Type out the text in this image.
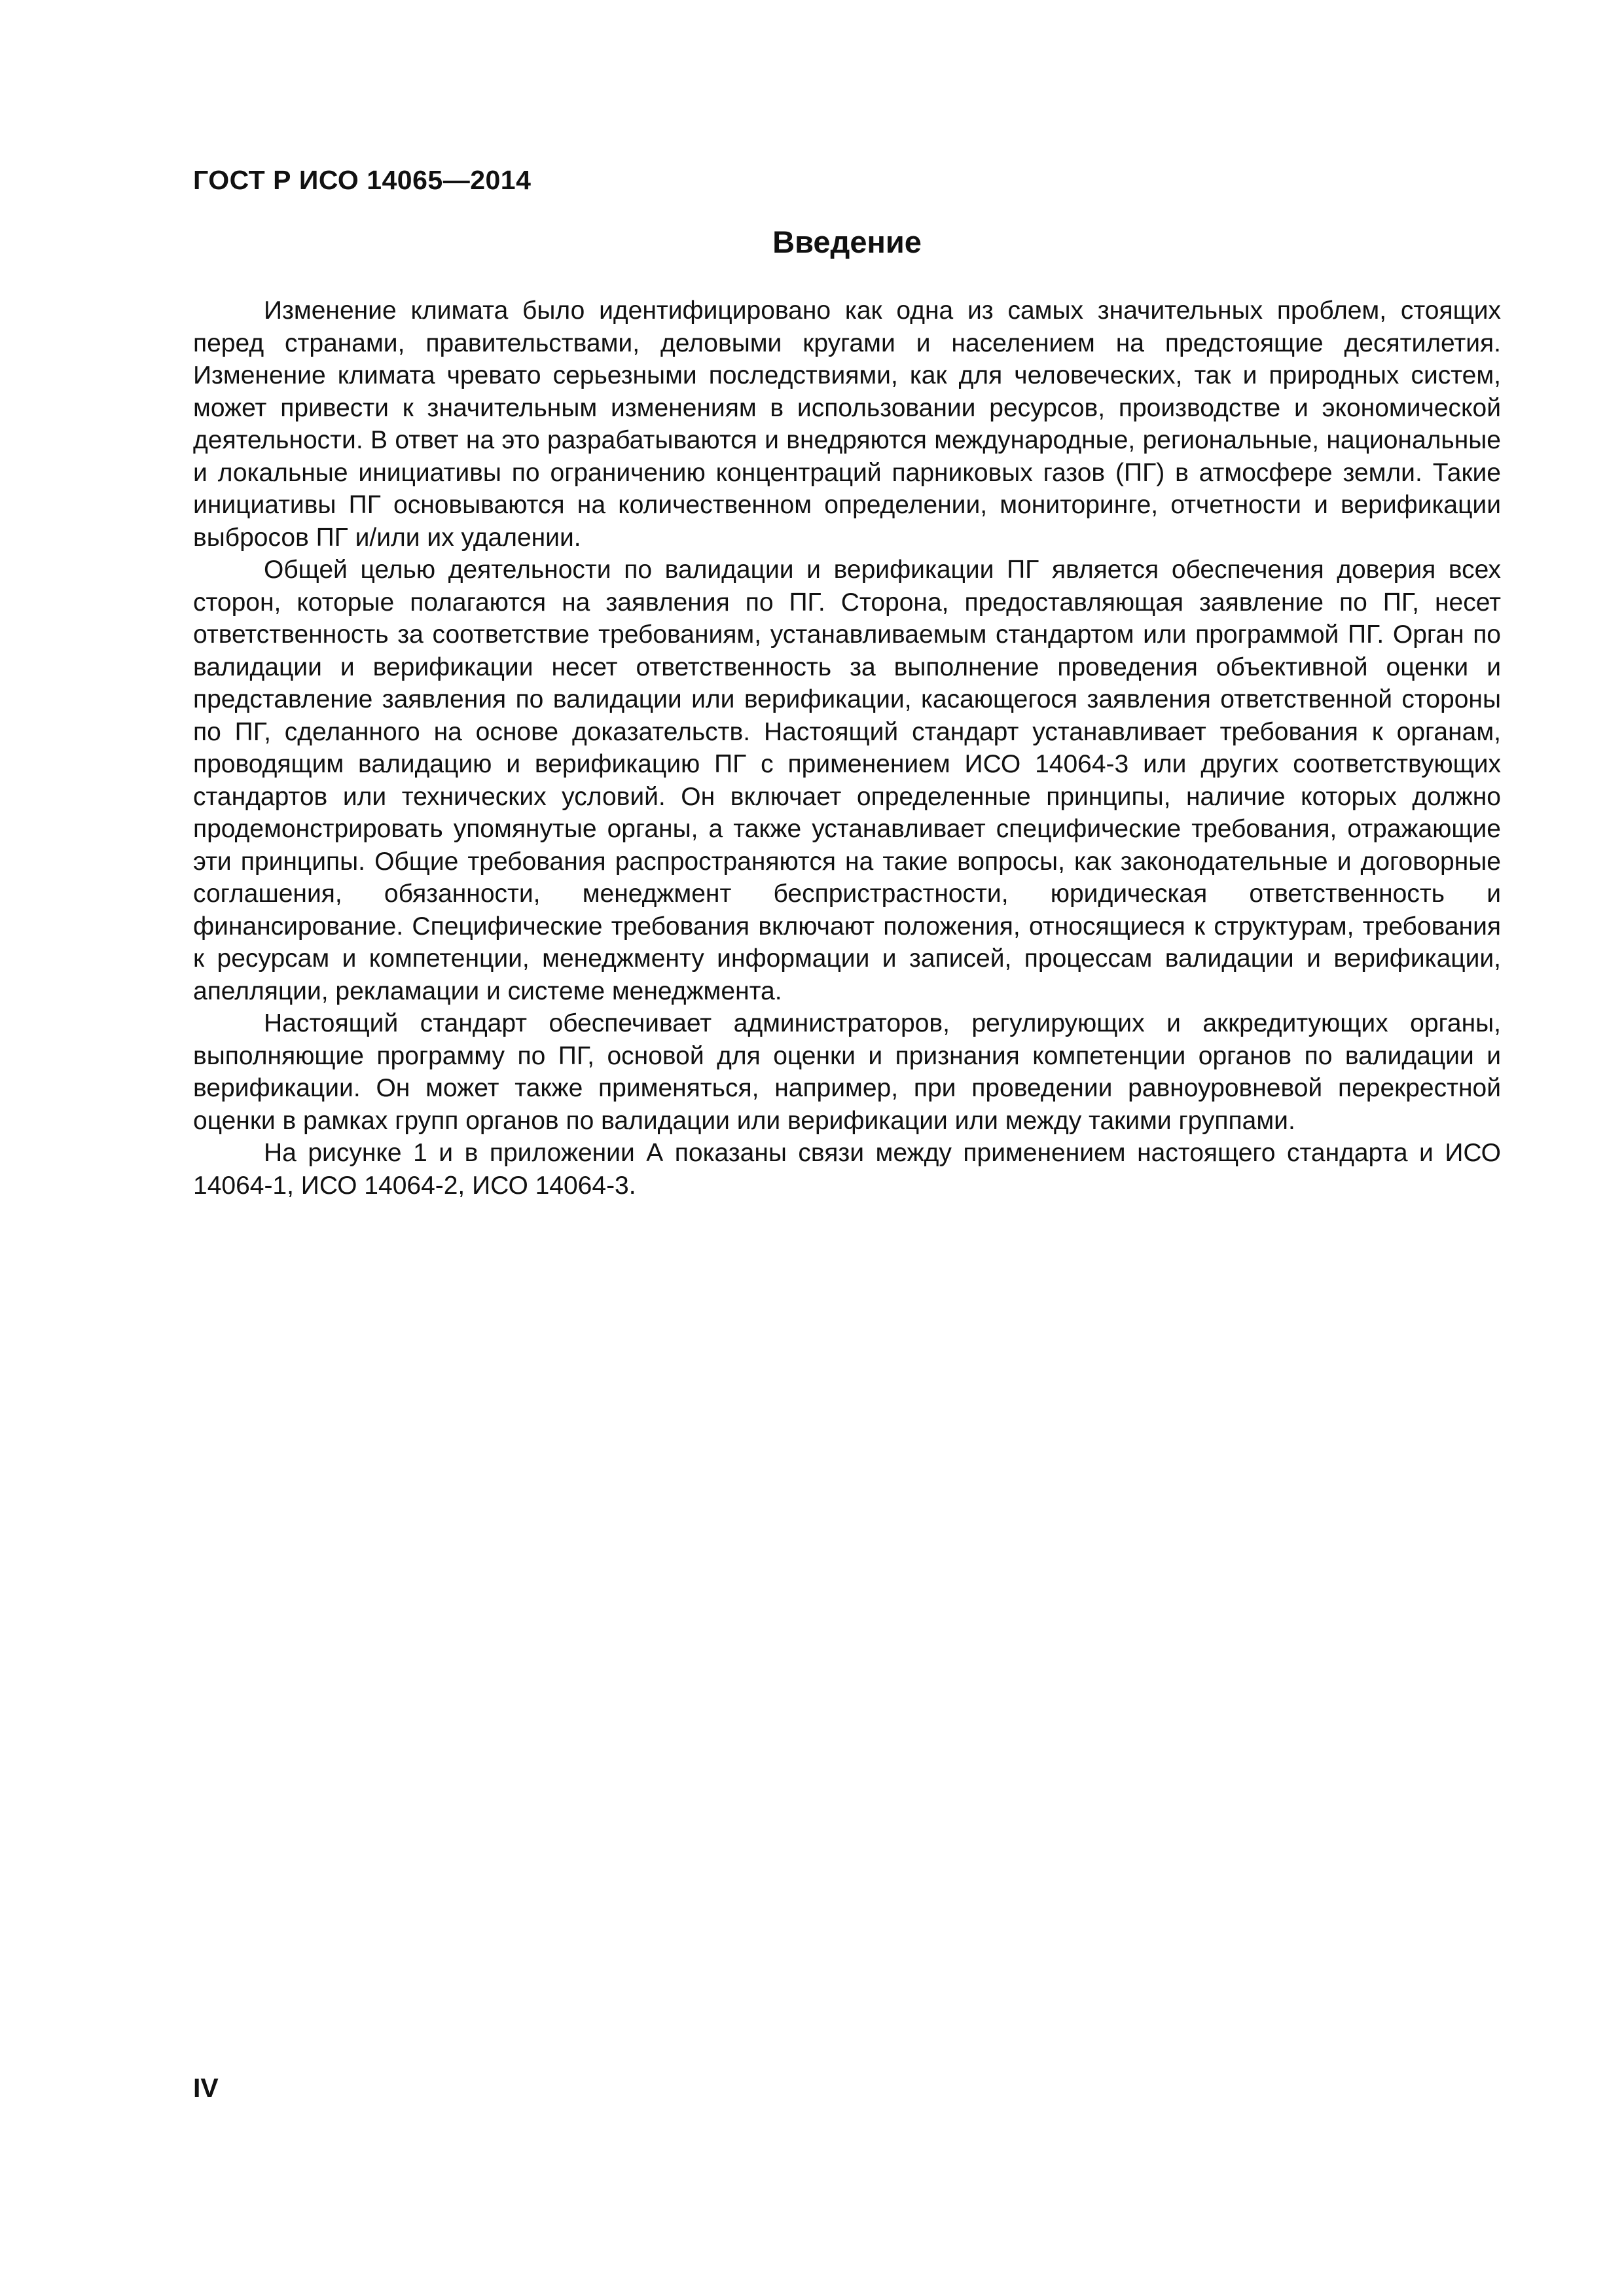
ГОСТ Р ИСО 14065—2014
Введение

Изменение климата было идентифицировано как одна из самых значительных проблем, стоящих перед странами, правительствами, деловыми кругами и населением на предстоящие десятилетия. Изменение климата чревато серьезными последствиями, как для человеческих, так и природных систем, может привести к значительным изменениям в использовании ресурсов, производстве и экономической деятельности. В ответ на это разрабатываются и внедряются международные, региональные, национальные и локальные инициативы по ограничению концентраций парниковых газов (ПГ) в атмосфере земли. Такие инициативы ПГ основываются на количественном определении, мониторинге, отчетности и верификации выбросов ПГ и/или их удалении.

Общей целью деятельности по валидации и верификации ПГ является обеспечения доверия всех сторон, которые полагаются на заявления по ПГ. Сторона, предоставляющая заявление по ПГ, несет ответственность за соответствие требованиям, устанавливаемым стандартом или программой ПГ. Орган по валидации и верификации несет ответственность за выполнение проведения объективной оценки и представление заявления по валидации или верификации, касающегося заявления ответственной стороны по ПГ, сделанного на основе доказательств. Настоящий стандарт устанавливает требования к органам, проводящим валидацию и верификацию ПГ с применением ИСО 14064-3 или других соответствующих стандартов или технических условий. Он включает определенные принципы, наличие которых должно продемонстрировать упомянутые органы, а также устанавливает специфические требования, отражающие эти принципы. Общие требования распространяются на такие вопросы, как законодательные и договорные соглашения, обязанности, менеджмент беспристрастности, юридическая ответственность и финансирование. Специфические требования включают положения, относящиеся к структурам, требования к ресурсам и компетенции, менеджменту информации и записей, процессам валидации и верификации, апелляции, рекламации и системе менеджмента.

Настоящий стандарт обеспечивает администраторов, регулирующих и аккредитующих органы, выполняющие программу по ПГ, основой для оценки и признания компетенции органов по валидации и верификации. Он может также применяться, например, при проведении равноуровневой перекрестной оценки в рамках групп органов по валидации или верификации или между такими группами.

На рисунке 1 и в приложении А показаны связи между применением настоящего стандарта и ИСО 14064-1, ИСО 14064-2, ИСО 14064-3.

IV
